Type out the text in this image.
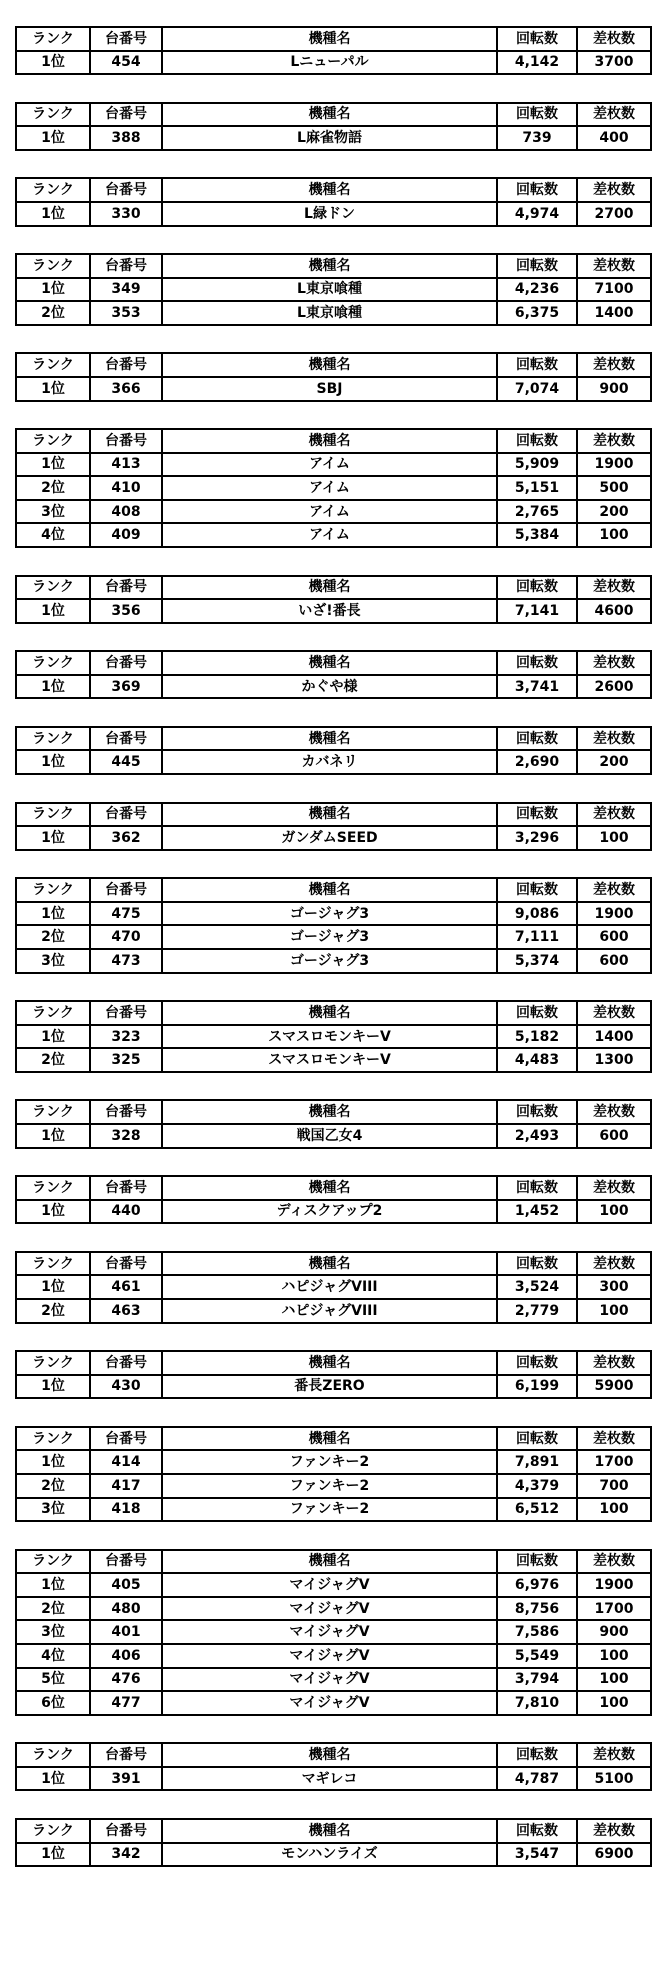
ランク	台番号	機種名	回転数	差枚数
1位	454	Lニューパル	4,142	3700
ランク	台番号	機種名	回転数	差枚数
1位	388	L麻雀物語	739	400
ランク	台番号	機種名	回転数	差枚数
1位	330	L緑ドン	4,974	2700
ランク	台番号	機種名	回転数	差枚数
1位	349	L東京喰種	4,236	7100
2位	353	L東京喰種	6,375	1400
ランク	台番号	機種名	回転数	差枚数
1位	366	SBJ	7,074	900
ランク	台番号	機種名	回転数	差枚数
1位	413	アイム	5,909	1900
2位	410	アイム	5,151	500
3位	408	アイム	2,765	200
4位	409	アイム	5,384	100
ランク	台番号	機種名	回転数	差枚数
1位	356	いざ!番長	7,141	4600
ランク	台番号	機種名	回転数	差枚数
1位	369	かぐや様	3,741	2600
ランク	台番号	機種名	回転数	差枚数
1位	445	カバネリ	2,690	200
ランク	台番号	機種名	回転数	差枚数
1位	362	ガンダムSEED	3,296	100
ランク	台番号	機種名	回転数	差枚数
1位	475	ゴージャグ3	9,086	1900
2位	470	ゴージャグ3	7,111	600
3位	473	ゴージャグ3	5,374	600
ランク	台番号	機種名	回転数	差枚数
1位	323	スマスロモンキーV	5,182	1400
2位	325	スマスロモンキーV	4,483	1300
ランク	台番号	機種名	回転数	差枚数
1位	328	戦国乙女4	2,493	600
ランク	台番号	機種名	回転数	差枚数
1位	440	ディスクアップ2	1,452	100
ランク	台番号	機種名	回転数	差枚数
1位	461	ハピジャグVIII	3,524	300
2位	463	ハピジャグVIII	2,779	100
ランク	台番号	機種名	回転数	差枚数
1位	430	番長ZERO	6,199	5900
ランク	台番号	機種名	回転数	差枚数
1位	414	ファンキー2	7,891	1700
2位	417	ファンキー2	4,379	700
3位	418	ファンキー2	6,512	100
ランク	台番号	機種名	回転数	差枚数
1位	405	マイジャグV	6,976	1900
2位	480	マイジャグV	8,756	1700
3位	401	マイジャグV	7,586	900
4位	406	マイジャグV	5,549	100
5位	476	マイジャグV	3,794	100
6位	477	マイジャグV	7,810	100
ランク	台番号	機種名	回転数	差枚数
1位	391	マギレコ	4,787	5100
ランク	台番号	機種名	回転数	差枚数
1位	342	モンハンライズ	3,547	6900
